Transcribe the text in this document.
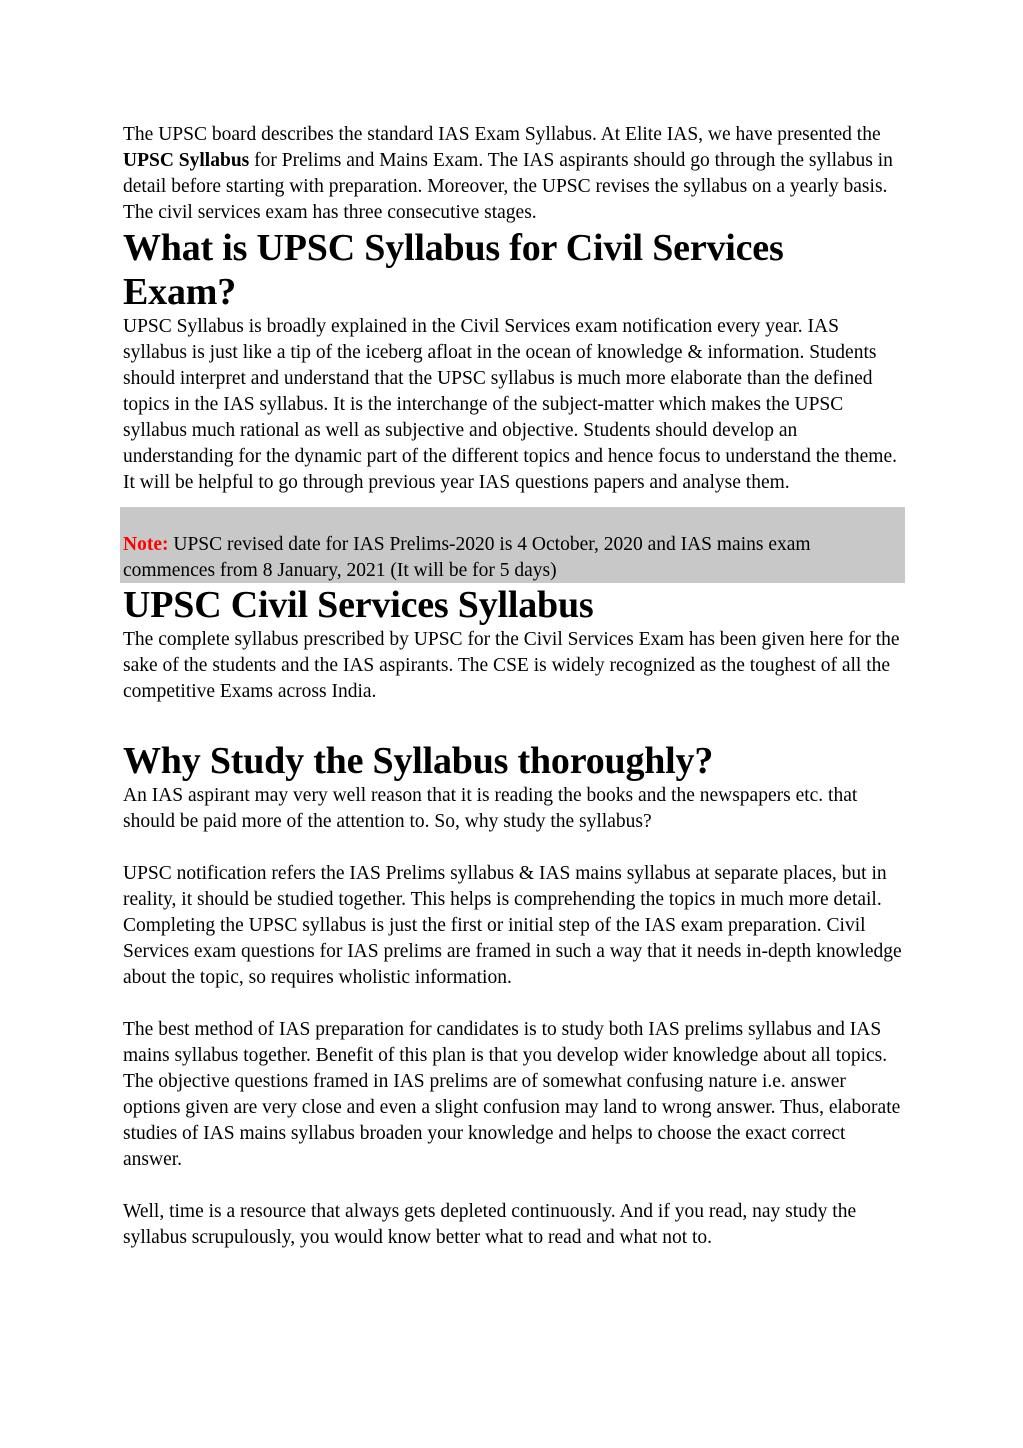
The UPSC board describes the standard IAS Exam Syllabus. At Elite IAS, we have presented the UPSC Syllabus for Prelims and Mains Exam. The IAS aspirants should go through the syllabus in detail before starting with preparation. Moreover, the UPSC revises the syllabus on a yearly basis. The civil services exam has three consecutive stages.

What is UPSC Syllabus for Civil Services Exam?

UPSC Syllabus is broadly explained in the Civil Services exam notification every year. IAS syllabus is just like a tip of the iceberg afloat in the ocean of knowledge & information. Students should interpret and understand that the UPSC syllabus is much more elaborate than the defined topics in the IAS syllabus. It is the interchange of the subject-matter which makes the UPSC syllabus much rational as well as subjective and objective. Students should develop an understanding for the dynamic part of the different topics and hence focus to understand the theme. It will be helpful to go through previous year IAS questions papers and analyse them.

Note: UPSC revised date for IAS Prelims-2020 is 4 October, 2020 and IAS mains exam commences from 8 January, 2021 (It will be for 5 days)
UPSC Civil Services Syllabus

The complete syllabus prescribed by UPSC for the Civil Services Exam has been given here for the sake of the students and the IAS aspirants. The CSE is widely recognized as the toughest of all the competitive Exams across India.

Why Study the Syllabus thoroughly?

An IAS aspirant may very well reason that it is reading the books and the newspapers etc. that should be paid more of the attention to. So, why study the syllabus?

UPSC notification refers the IAS Prelims syllabus & IAS mains syllabus at separate places, but in reality, it should be studied together. This helps is comprehending the topics in much more detail. Completing the UPSC syllabus is just the first or initial step of the IAS exam preparation. Civil Services exam questions for IAS prelims are framed in such a way that it needs in-depth knowledge about the topic, so requires wholistic information.

The best method of IAS preparation for candidates is to study both IAS prelims syllabus and IAS mains syllabus together. Benefit of this plan is that you develop wider knowledge about all topics. The objective questions framed in IAS prelims are of somewhat confusing nature i.e. answer options given are very close and even a slight confusion may land to wrong answer. Thus, elaborate studies of IAS mains syllabus broaden your knowledge and helps to choose the exact correct answer.

Well, time is a resource that always gets depleted continuously. And if you read, nay study the syllabus scrupulously, you would know better what to read and what not to.
